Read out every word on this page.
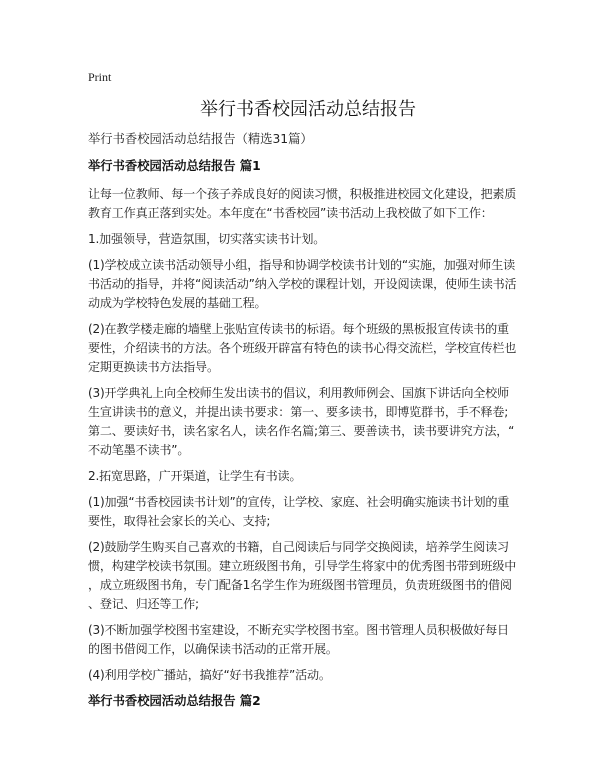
Print
举行书香校园活动总结报告
举行书香校园活动总结报告（精选31篇）
举行书香校园活动总结报告 篇1
让每一位教师、每一个孩子养成良好的阅读习惯，积极推进校园文化建设，把素质
教育工作真正落到实处。本年度在“书香校园”读书活动上我校做了如下工作：
1.加强领导，营造氛围，切实落实读书计划。
(1)学校成立读书活动领导小组，指导和协调学校读书计划的“实施，加强对师生读
书活动的指导，并将“阅读活动”纳入学校的课程计划，开设阅读课，使师生读书活
动成为学校特色发展的基础工程。
(2)在教学楼走廊的墙壁上张贴宣传读书的标语。每个班级的黑板报宣传读书的重
要性，介绍读书的方法。各个班级开辟富有特色的读书心得交流栏，学校宣传栏也
定期更换读书方法指导。
(3)开学典礼上向全校师生发出读书的倡议，利用教师例会、国旗下讲话向全校师
生宣讲读书的意义，并提出读书要求：第一、要多读书，即博览群书，手不释卷;
第二、要读好书，读名家名人，读名作名篇;第三、要善读书，读书要讲究方法，“
不动笔墨不读书”。
2.拓宽思路，广开渠道，让学生有书读。
(1)加强“书香校园读书计划”的宣传，让学校、家庭、社会明确实施读书计划的重
要性，取得社会家长的关心、支持;
(2)鼓励学生购买自己喜欢的书籍，自己阅读后与同学交换阅读，培养学生阅读习
惯，构建学校读书氛围。建立班级图书角，引导学生将家中的优秀图书带到班级中
，成立班级图书角，专门配备1名学生作为班级图书管理员，负责班级图书的借阅
、登记、归还等工作;
(3)不断加强学校图书室建设，不断充实学校图书室。图书管理人员积极做好每日
的图书借阅工作，以确保读书活动的正常开展。
(4)利用学校广播站，搞好“好书我推荐”活动。
举行书香校园活动总结报告 篇2
